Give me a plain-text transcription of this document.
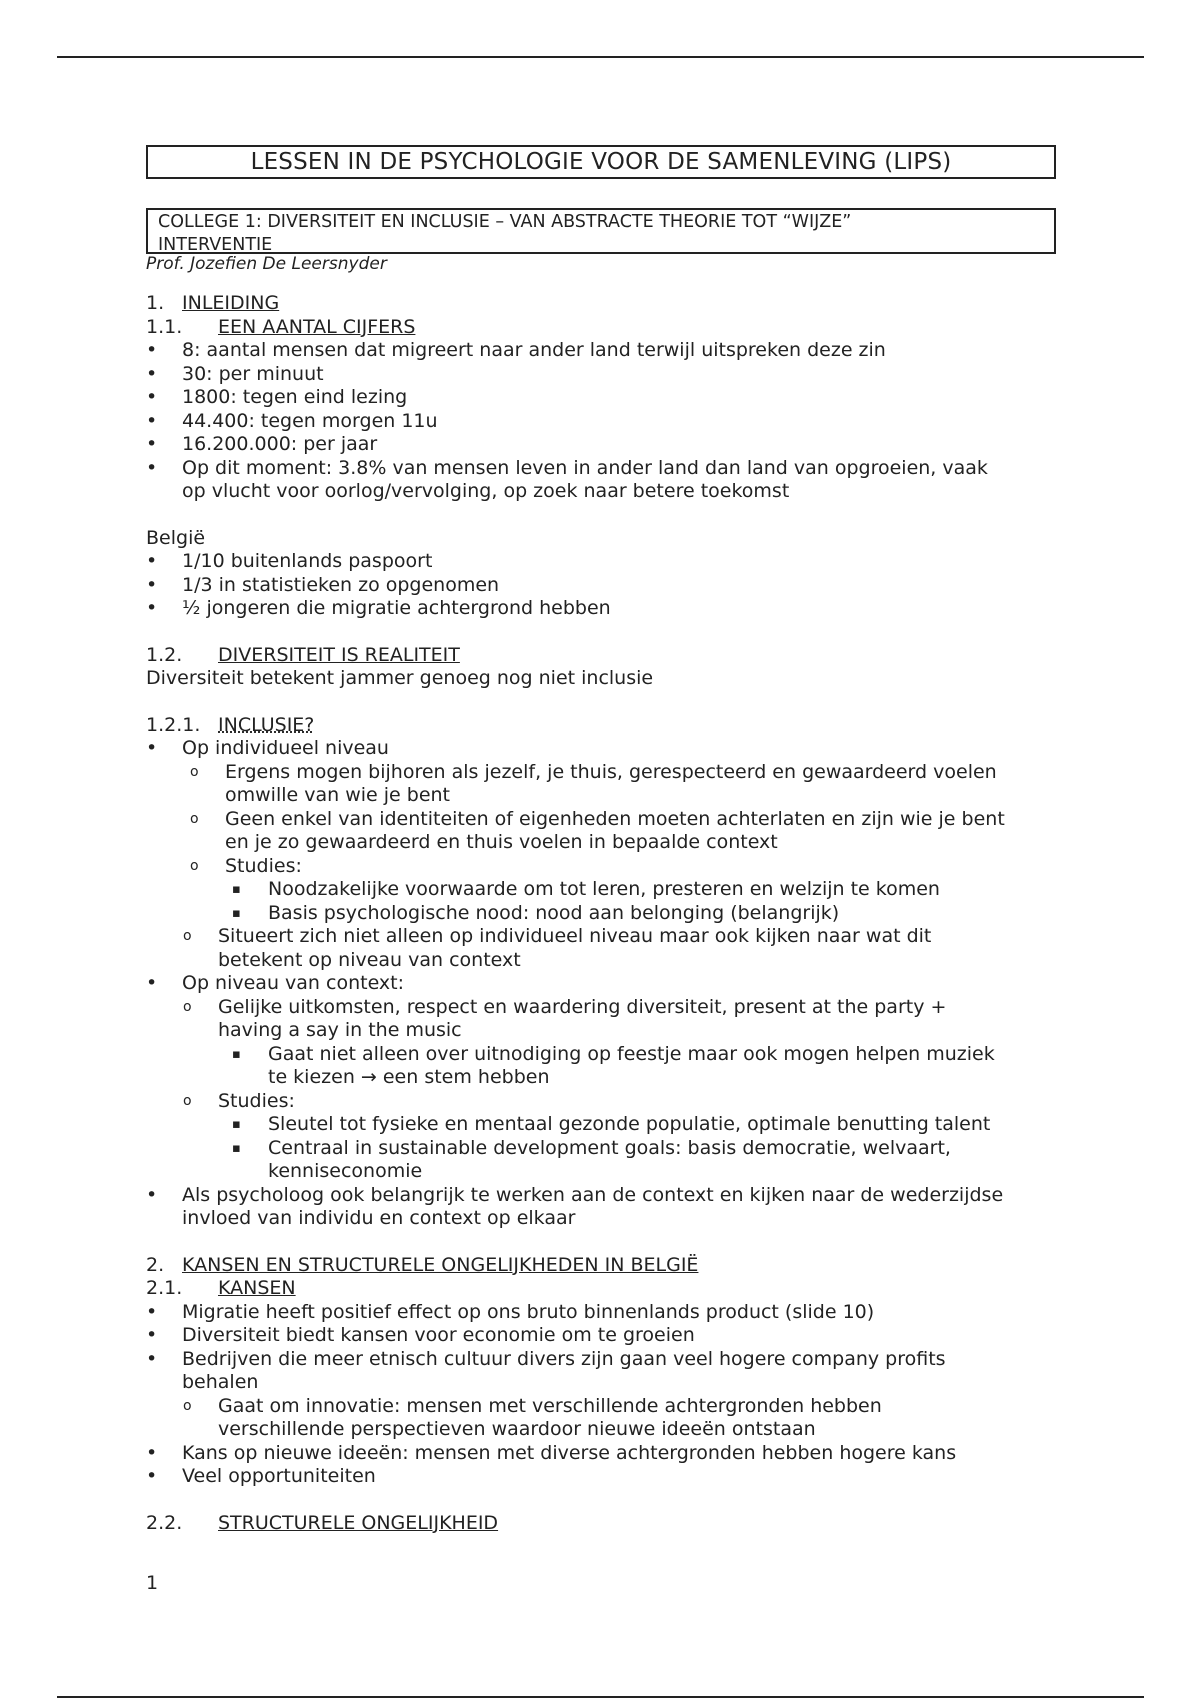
LESSEN IN DE PSYCHOLOGIE VOOR DE SAMENLEVING (LIPS)
COLLEGE 1: DIVERSITEIT EN INCLUSIE – VAN ABSTRACTE THEORIE TOT “WIJZE”
INTERVENTIE
Prof. Jozefien De Leersnyder
1. INLEIDING
1.1. EEN AANTAL CIJFERS
• 8: aantal mensen dat migreert naar ander land terwijl uitspreken deze zin
• 30: per minuut
• 1800: tegen eind lezing
• 44.400: tegen morgen 11u
• 16.200.000: per jaar
• Op dit moment: 3.8% van mensen leven in ander land dan land van opgroeien, vaak
op vlucht voor oorlog/vervolging, op zoek naar betere toekomst
België
• 1/10 buitenlands paspoort
• 1/3 in statistieken zo opgenomen
• ½ jongeren die migratie achtergrond hebben
1.2. DIVERSITEIT IS REALITEIT
Diversiteit betekent jammer genoeg nog niet inclusie
1.2.1. INCLUSIE?
• Op individueel niveau
o Ergens mogen bijhoren als jezelf, je thuis, gerespecteerd en gewaardeerd voelen
omwille van wie je bent
o Geen enkel van identiteiten of eigenheden moeten achterlaten en zijn wie je bent
en je zo gewaardeerd en thuis voelen in bepaalde context
o Studies:
▪ Noodzakelijke voorwaarde om tot leren, presteren en welzijn te komen
▪ Basis psychologische nood: nood aan belonging (belangrijk)
o Situeert zich niet alleen op individueel niveau maar ook kijken naar wat dit
betekent op niveau van context
• Op niveau van context:
o Gelijke uitkomsten, respect en waardering diversiteit, present at the party +
having a say in the music
▪ Gaat niet alleen over uitnodiging op feestje maar ook mogen helpen muziek
te kiezen → een stem hebben
o Studies:
▪ Sleutel tot fysieke en mentaal gezonde populatie, optimale benutting talent
▪ Centraal in sustainable development goals: basis democratie, welvaart,
kenniseconomie
• Als psycholoog ook belangrijk te werken aan de context en kijken naar de wederzijdse
invloed van individu en context op elkaar
2. KANSEN EN STRUCTURELE ONGELIJKHEDEN IN BELGIË
2.1. KANSEN
• Migratie heeft positief effect op ons bruto binnenlands product (slide 10)
• Diversiteit biedt kansen voor economie om te groeien
• Bedrijven die meer etnisch cultuur divers zijn gaan veel hogere company profits
behalen
o Gaat om innovatie: mensen met verschillende achtergronden hebben
verschillende perspectieven waardoor nieuwe ideeën ontstaan
• Kans op nieuwe ideeën: mensen met diverse achtergronden hebben hogere kans
• Veel opportuniteiten
2.2. STRUCTURELE ONGELIJKHEID
1
